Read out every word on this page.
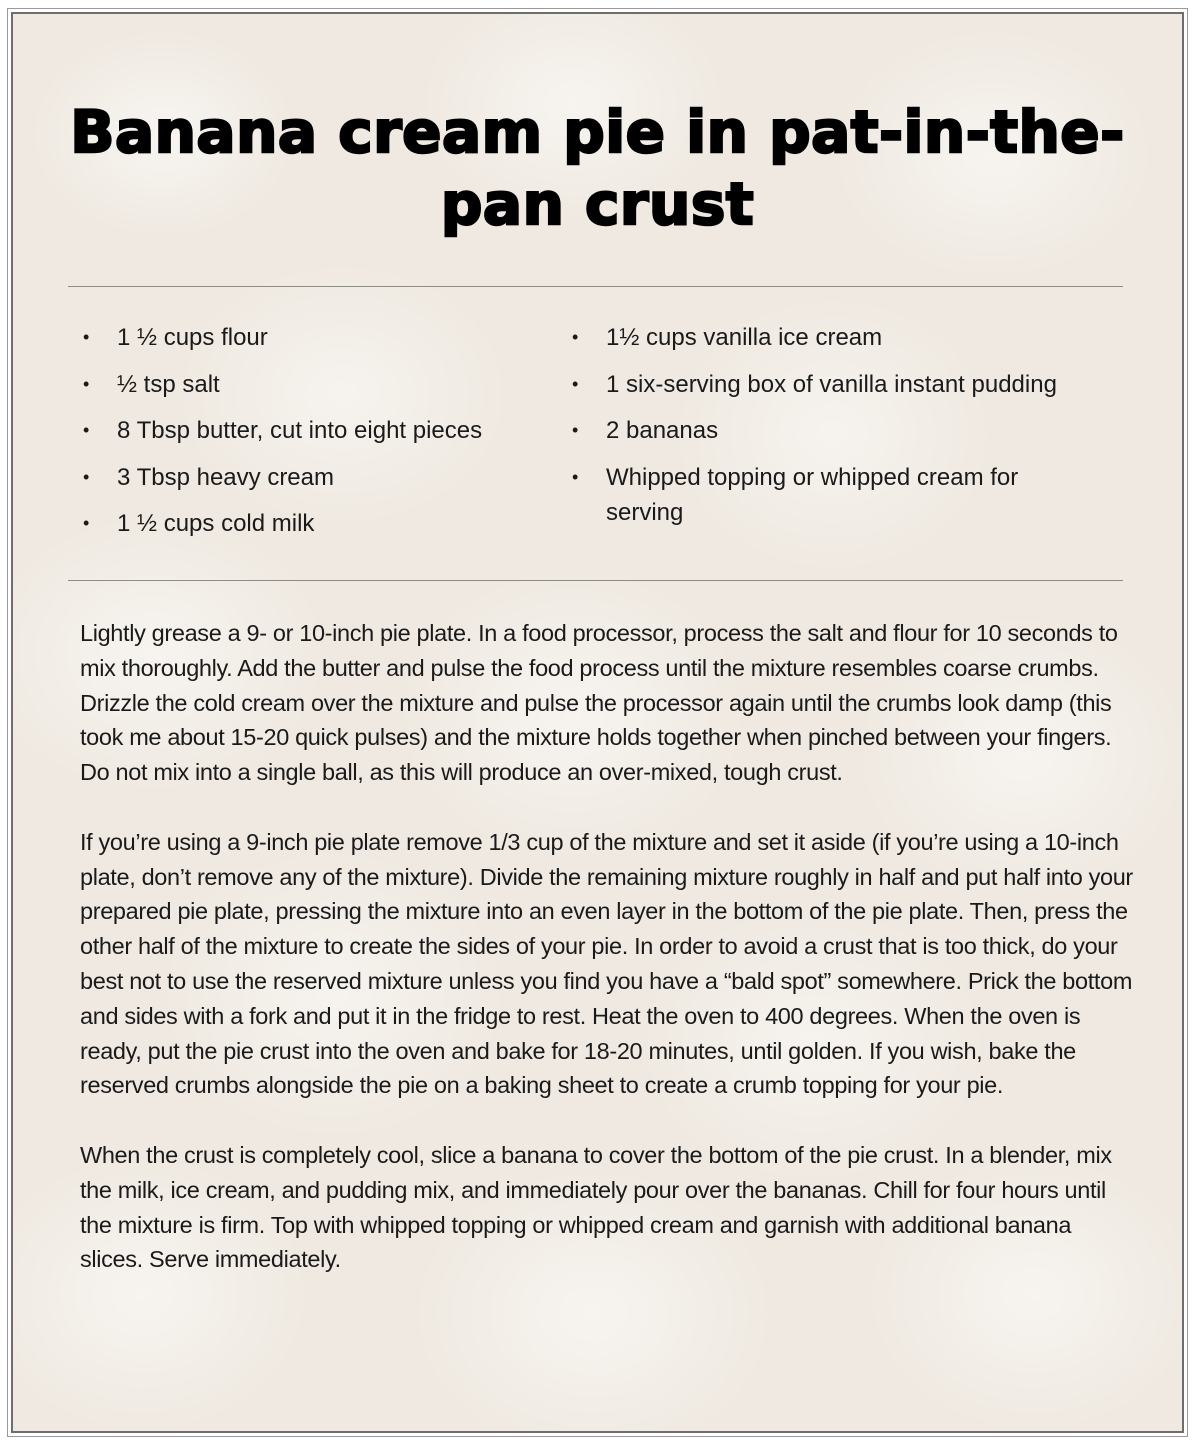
Banana cream pie in pat-in-the-pan crust
• 1 ½ cups flour
• ½ tsp salt
• 8 Tbsp butter, cut into eight pieces
• 3 Tbsp heavy cream
• 1 ½ cups cold milk
• 1½ cups vanilla ice cream
• 1 six-serving box of vanilla instant pudding
• 2 bananas
• Whipped topping or whipped cream for serving

Lightly grease a 9- or 10-inch pie plate. In a food processor, process the salt and flour for 10 seconds to mix thoroughly. Add the butter and pulse the food process until the mixture resembles coarse crumbs. Drizzle the cold cream over the mixture and pulse the processor again until the crumbs look damp (this took me about 15-20 quick pulses) and the mixture holds together when pinched between your fingers. Do not mix into a single ball, as this will produce an over-mixed, tough crust.

If you’re using a 9-inch pie plate remove 1/3 cup of the mixture and set it aside (if you’re using a 10-inch plate, don’t remove any of the mixture). Divide the remaining mixture roughly in half and put half into your prepared pie plate, pressing the mixture into an even layer in the bottom of the pie plate. Then, press the other half of the mixture to create the sides of your pie. In order to avoid a crust that is too thick, do your best not to use the reserved mixture unless you find you have a “bald spot” somewhere. Prick the bottom and sides with a fork and put it in the fridge to rest. Heat the oven to 400 degrees. When the oven is ready, put the pie crust into the oven and bake for 18-20 minutes, until golden. If you wish, bake the reserved crumbs alongside the pie on a baking sheet to create a crumb topping for your pie.

When the crust is completely cool, slice a banana to cover the bottom of the pie crust. In a blender, mix the milk, ice cream, and pudding mix, and immediately pour over the bananas. Chill for four hours until the mixture is firm. Top with whipped topping or whipped cream and garnish with additional banana slices. Serve immediately.
